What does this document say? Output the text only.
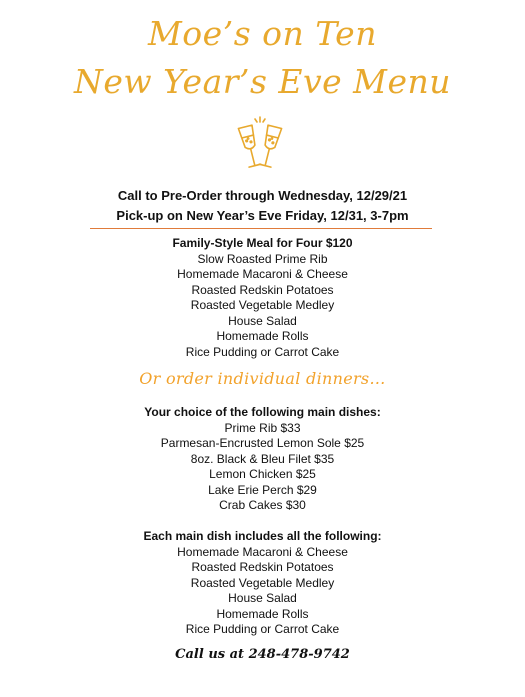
Moe’s on Ten
New Year’s Eve Menu
Call to Pre-Order through Wednesday, 12/29/21
Pick-up on New Year’s Eve Friday, 12/31, 3-7pm
Family-Style Meal for Four $120
Slow Roasted Prime Rib
Homemade Macaroni & Cheese
Roasted Redskin Potatoes
Roasted Vegetable Medley
House Salad
Homemade Rolls
Rice Pudding or Carrot Cake
Or order individual dinners…
Your choice of the following main dishes:
Prime Rib $33
Parmesan-Encrusted Lemon Sole $25
8oz. Black & Bleu Filet $35
Lemon Chicken $25
Lake Erie Perch $29
Crab Cakes $30
Each main dish includes all the following:
Homemade Macaroni & Cheese
Roasted Redskin Potatoes
Roasted Vegetable Medley
House Salad
Homemade Rolls
Rice Pudding or Carrot Cake
Call us at 248-478-9742
